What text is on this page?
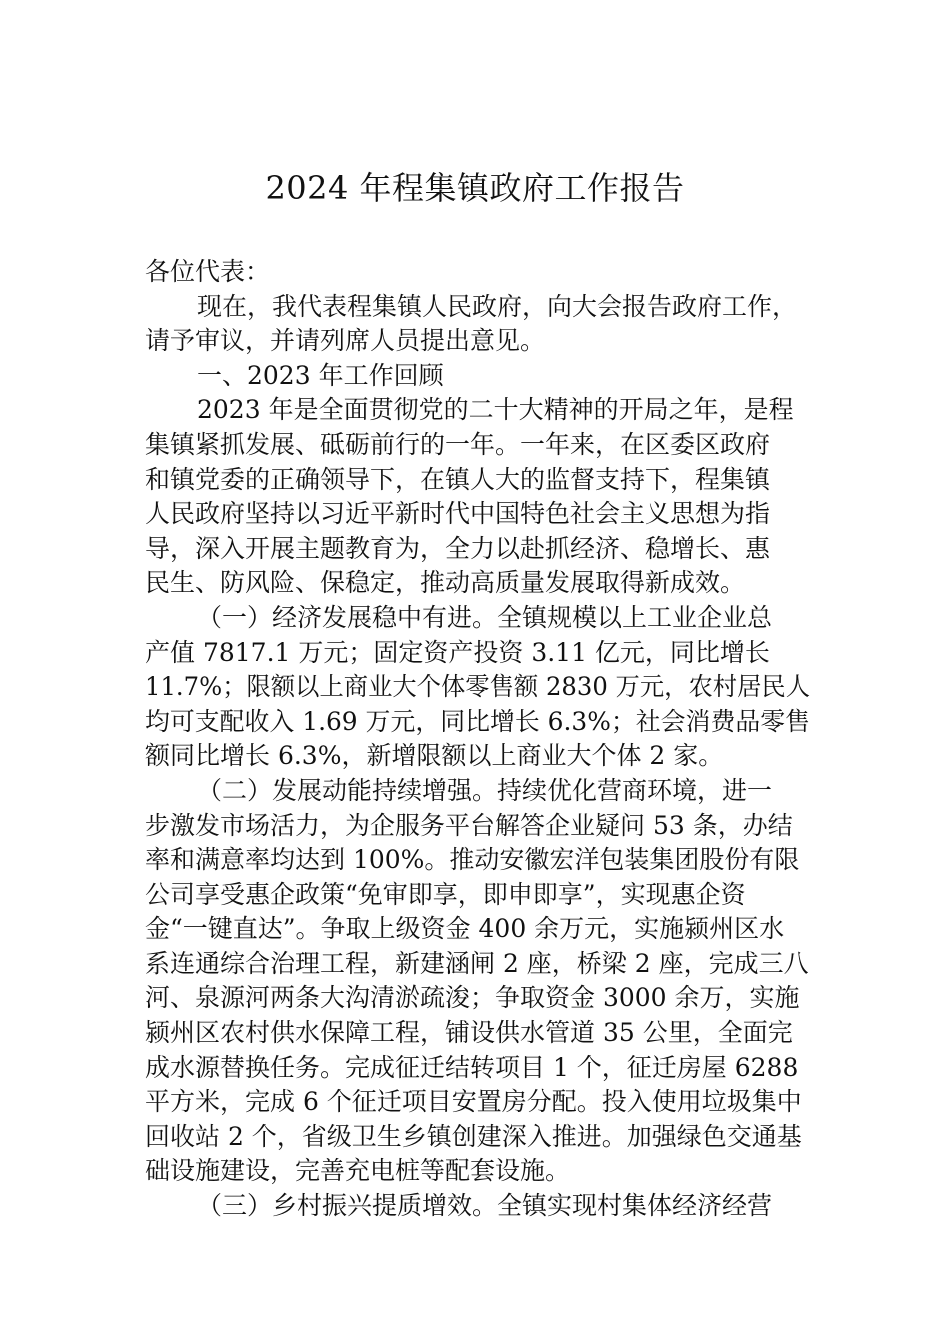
2024 年程集镇政府工作报告
各位代表：
现在，我代表程集镇人民政府，向大会报告政府工作，
请予审议，并请列席人员提出意见。
一、2023 年工作回顾
2023 年是全面贯彻党的二十大精神的开局之年，是程
集镇紧抓发展、砥砺前行的一年。一年来，在区委区政府
和镇党委的正确领导下，在镇人大的监督支持下，程集镇
人民政府坚持以习近平新时代中国特色社会主义思想为指
导，深入开展主题教育为，全力以赴抓经济、稳增长、惠
民生、防风险、保稳定，推动高质量发展取得新成效。
（一）经济发展稳中有进。全镇规模以上工业企业总
产值 7817.1 万元；固定资产投资 3.11 亿元，同比增长
11.7%；限额以上商业大个体零售额 2830 万元，农村居民人
均可支配收入 1.69 万元，同比增长 6.3%；社会消费品零售
额同比增长 6.3%，新增限额以上商业大个体 2 家。
（二）发展动能持续增强。持续优化营商环境，进一
步激发市场活力，为企服务平台解答企业疑问 53 条，办结
率和满意率均达到 100%。推动安徽宏洋包装集团股份有限
公司享受惠企政策“免审即享，即申即享”，实现惠企资
金“一键直达”。争取上级资金 400 余万元，实施颍州区水
系连通综合治理工程，新建涵闸 2 座，桥梁 2 座，完成三八
河、泉源河两条大沟清淤疏浚；争取资金 3000 余万，实施
颍州区农村供水保障工程，铺设供水管道 35 公里，全面完
成水源替换任务。完成征迁结转项目 1 个，征迁房屋 6288
平方米，完成 6 个征迁项目安置房分配。投入使用垃圾集中
回收站 2 个，省级卫生乡镇创建深入推进。加强绿色交通基
础设施建设，完善充电桩等配套设施。
（三）乡村振兴提质增效。全镇实现村集体经济经营
